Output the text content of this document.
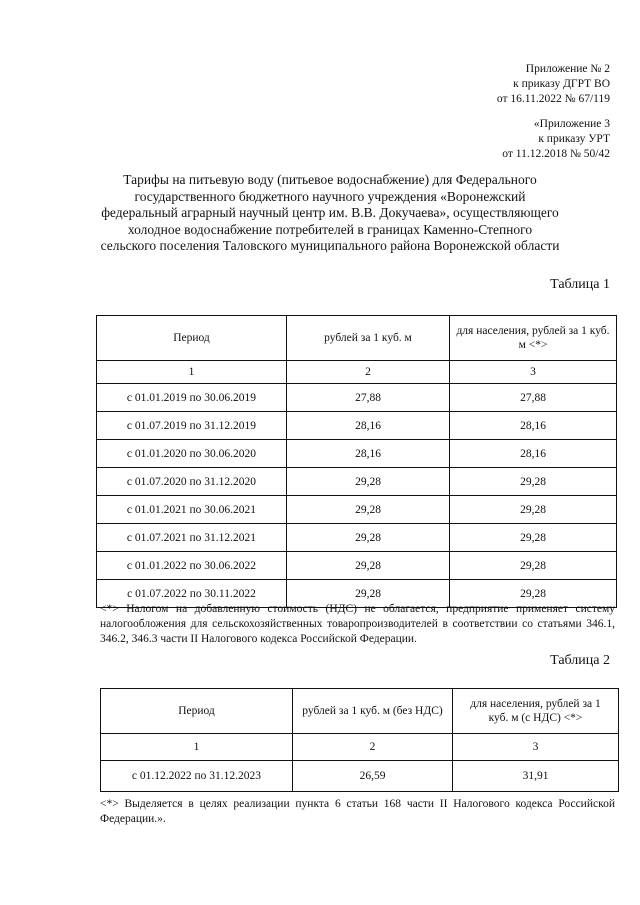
Приложение № 2
к приказу ДГРТ ВО
от 16.11.2022 № 67/119
«Приложение 3
к приказу УРТ
от 11.12.2018 № 50/42
Тарифы на питьевую воду (питьевое водоснабжение) для Федерального
государственного бюджетного научного учреждения «Воронежский
федеральный аграрный научный центр им. В.В. Докучаева», осуществляющего
холодное водоснабжение потребителей в границах Каменно-Степного
сельского поселения Таловского муниципального района Воронежской области
Таблица 1
Период	рублей за 1 куб. м	для населения, рублей за 1 куб. м <*>
1	2	3
с 01.01.2019 по 30.06.2019	27,88	27,88
с 01.07.2019 по 31.12.2019	28,16	28,16
с 01.01.2020 по 30.06.2020	28,16	28,16
с 01.07.2020 по 31.12.2020	29,28	29,28
с 01.01.2021 по 30.06.2021	29,28	29,28
с 01.07.2021 по 31.12.2021	29,28	29,28
с 01.01.2022 по 30.06.2022	29,28	29,28
с 01.07.2022 по 30.11.2022	29,28	29,28
<*> Налогом на добавленную стоимость (НДС) не облагается, предприятие применяет систему налогообложения для сельскохозяйственных товаропроизводителей в соответствии со статьями 346.1, 346.2, 346.3 части II Налогового кодекса Российской Федерации.
Таблица 2
Период	рублей за 1 куб. м (без НДС)	для населения, рублей за 1 куб. м (с НДС) <*>
1	2	3
с 01.12.2022 по 31.12.2023	26,59	31,91
<*> Выделяется в целях реализации пункта 6 статьи 168 части II Налогового кодекса Российской Федерации.».
